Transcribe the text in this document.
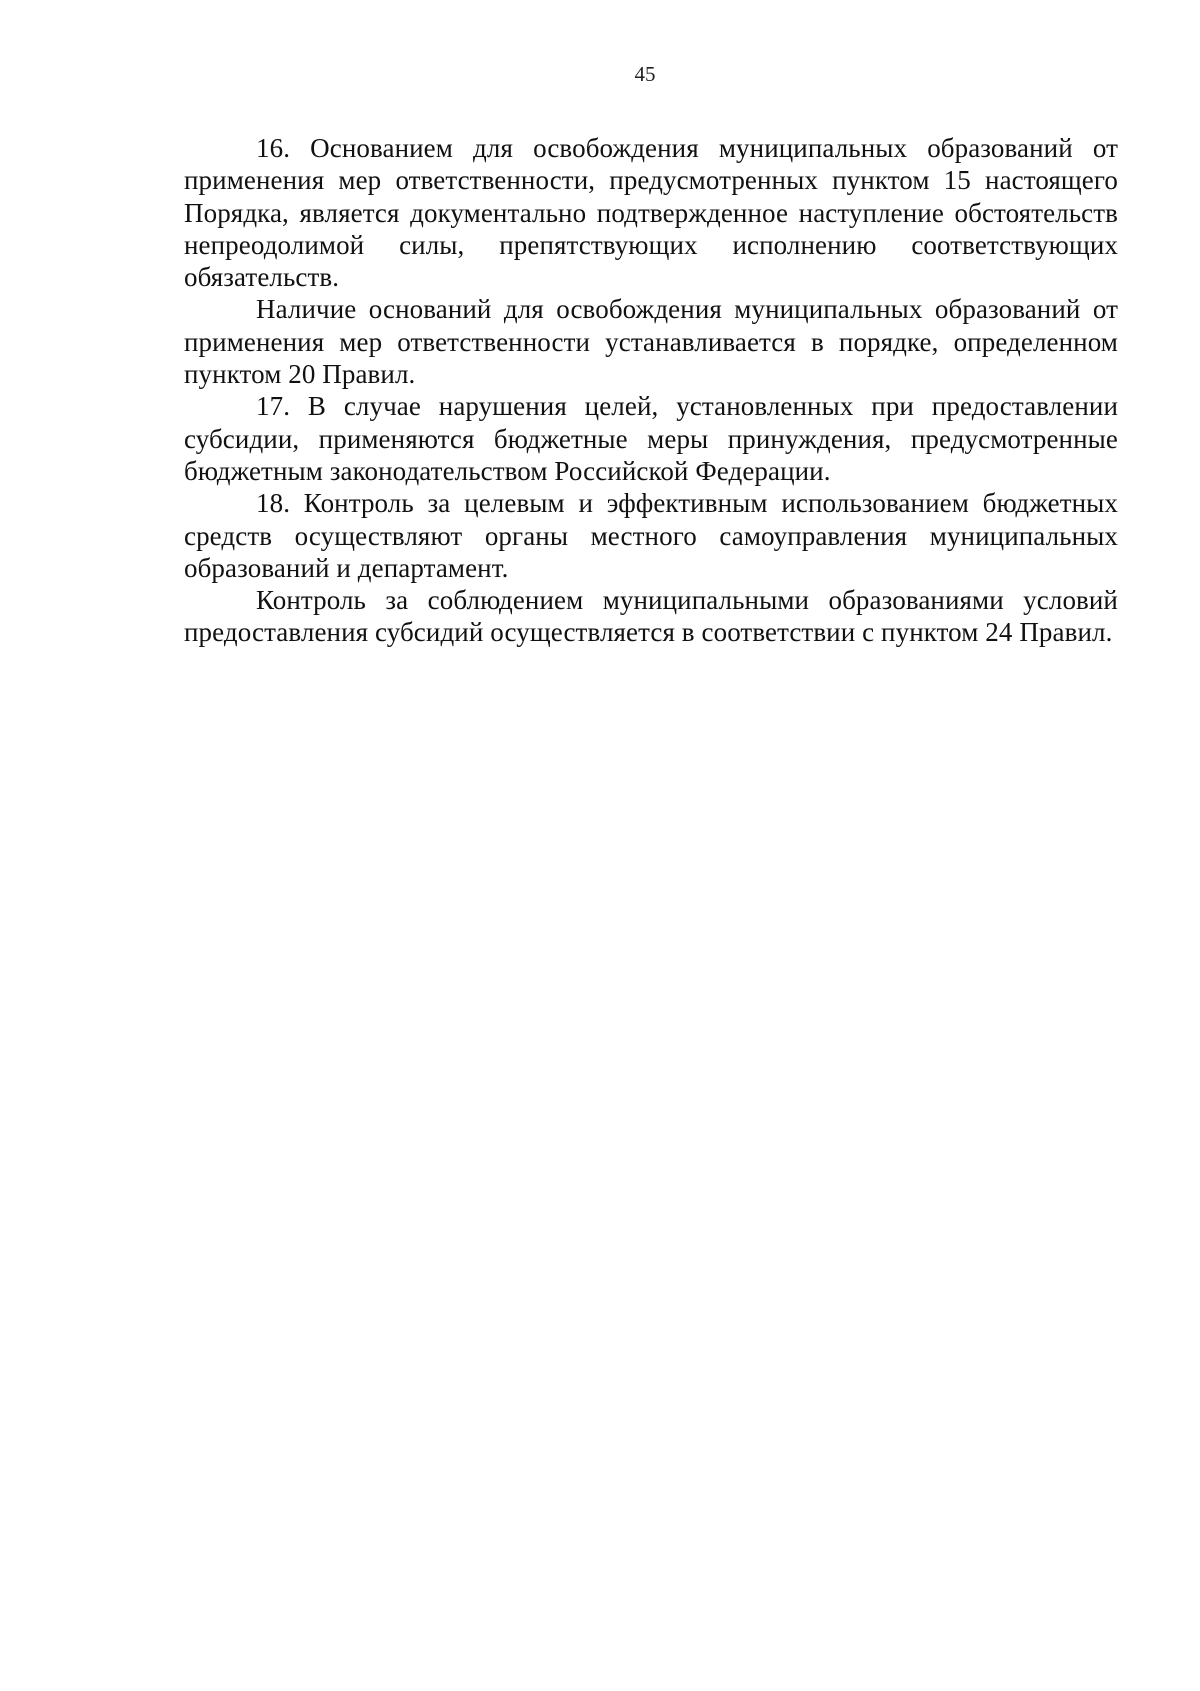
45

16. Основанием для освобождения муниципальных образований от применения мер ответственности, предусмотренных пунктом 15 настоящего Порядка, является документально подтвержденное наступление обстоятельств непреодолимой силы, препятствующих исполнению соответствующих обязательств.

Наличие оснований для освобождения муниципальных образований от применения мер ответственности устанавливается в порядке, определенном пунктом 20 Правил.

17. В случае нарушения целей, установленных при предоставлении субсидии, применяются бюджетные меры принуждения, предусмотренные бюджетным законодательством Российской Федерации.

18. Контроль за целевым и эффективным использованием бюджетных средств осуществляют органы местного самоуправления муниципальных образований и департамент.

Контроль за соблюдением муниципальными образованиями условий предоставления субсидий осуществляется в соответствии с пунктом 24 Правил.
